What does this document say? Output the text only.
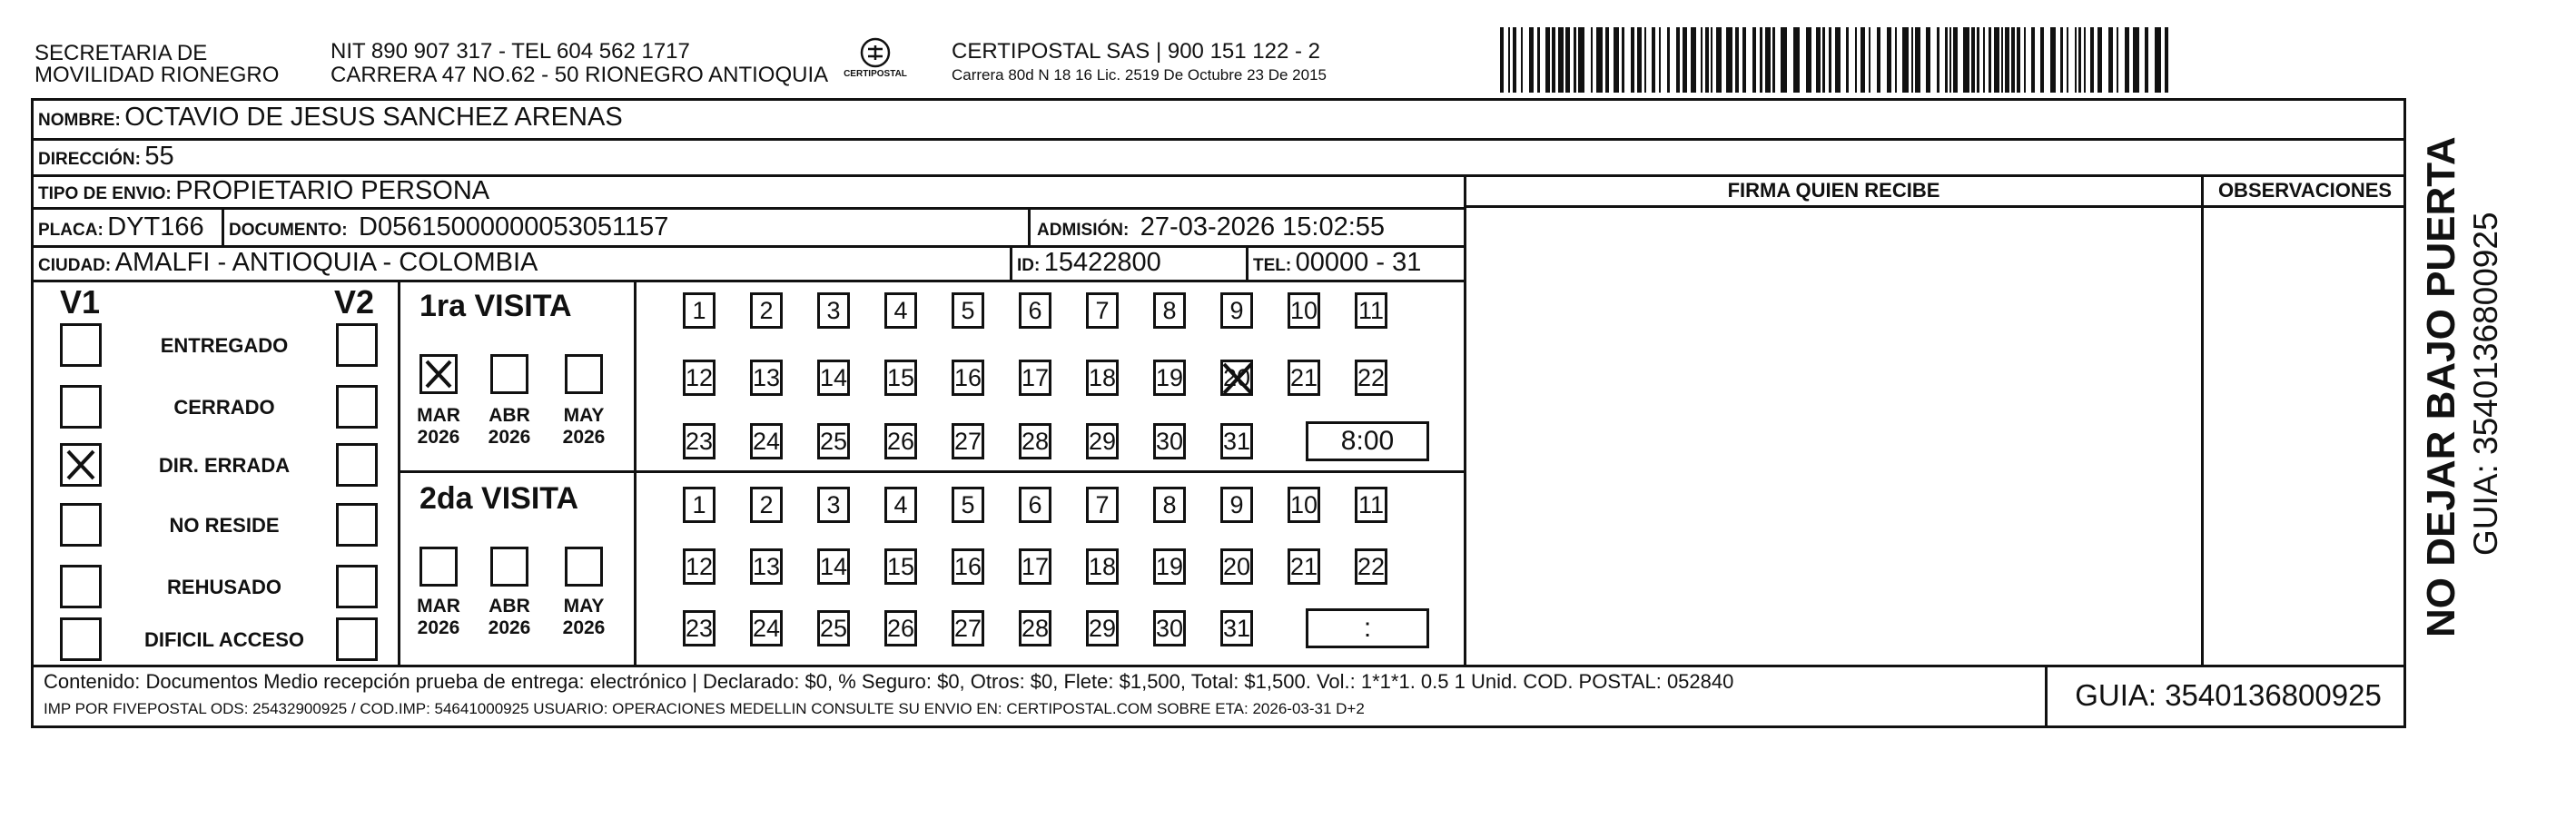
SECRETARIA DE
MOVILIDAD RIONEGRO
NIT 890 907 317 - TEL 604 562 1717
CARRERA 47 NO.62 - 50 RIONEGRO ANTIOQUIA	CERTIPOSTAL
CERTIPOSTAL SAS | 900 151 122 - 2
Carrera 80d N 18 16 Lic. 2519 De Octubre 23 De 2015
NOMBRE: OCTAVIO DE JESUS SANCHEZ ARENAS
DIRECCIÓN: 55
TIPO DE ENVIO: PROPIETARIO PERSONA
PLACA: DYT166 DOCUMENTO: D05615000000053051157	ADMISIÓN: 27-03-2026 15:02:55
CIUDAD: AMALFI - ANTIOQUIA - COLOMBIA	ID: 15422800	TEL: 00000 - 31
FIRMA QUIEN RECIBE	OBSERVACIONES
V1	V2
ENTREGADO
CERRADO
DIR. ERRADA
NO RESIDE
REHUSADO
DIFICIL ACCESO
1ra VISITA
2da VISITA
MAR
2026
ABR
2026
MAY
2026
MAR
2026
ABR
2026
MAY
2026
1	2	3	4	5	6	7	8	9	10 11
12 13 14 15 16 17 18 19 20 21 22
23 24 25 26 27 28 29 30 31	8:00
1	2	3	4	5	6	7	8	9	10 11
12 13 14 15 16 17 18 19 20 21 22
23 24 25 26 27 28 29 30 31	:
Contenido: Documentos Medio recepción prueba de entrega: electrónico | Declarado: $0, % Seguro: $0, Otros: $0, Flete: $1,500, Total: $1,500. Vol.: 1*1*1. 0.5 1 Unid. COD. POSTAL: 052840
IMP POR FIVEPOSTAL ODS: 25432900925 / COD.IMP: 54641000925 USUARIO: OPERACIONES MEDELLIN CONSULTE SU ENVIO EN: CERTIPOSTAL.COM SOBRE ETA: 2026-03-31 D+2	GUIA: 3540136800925
NO DEJAR BAJO PUERTA GUIA: 3540136800925
